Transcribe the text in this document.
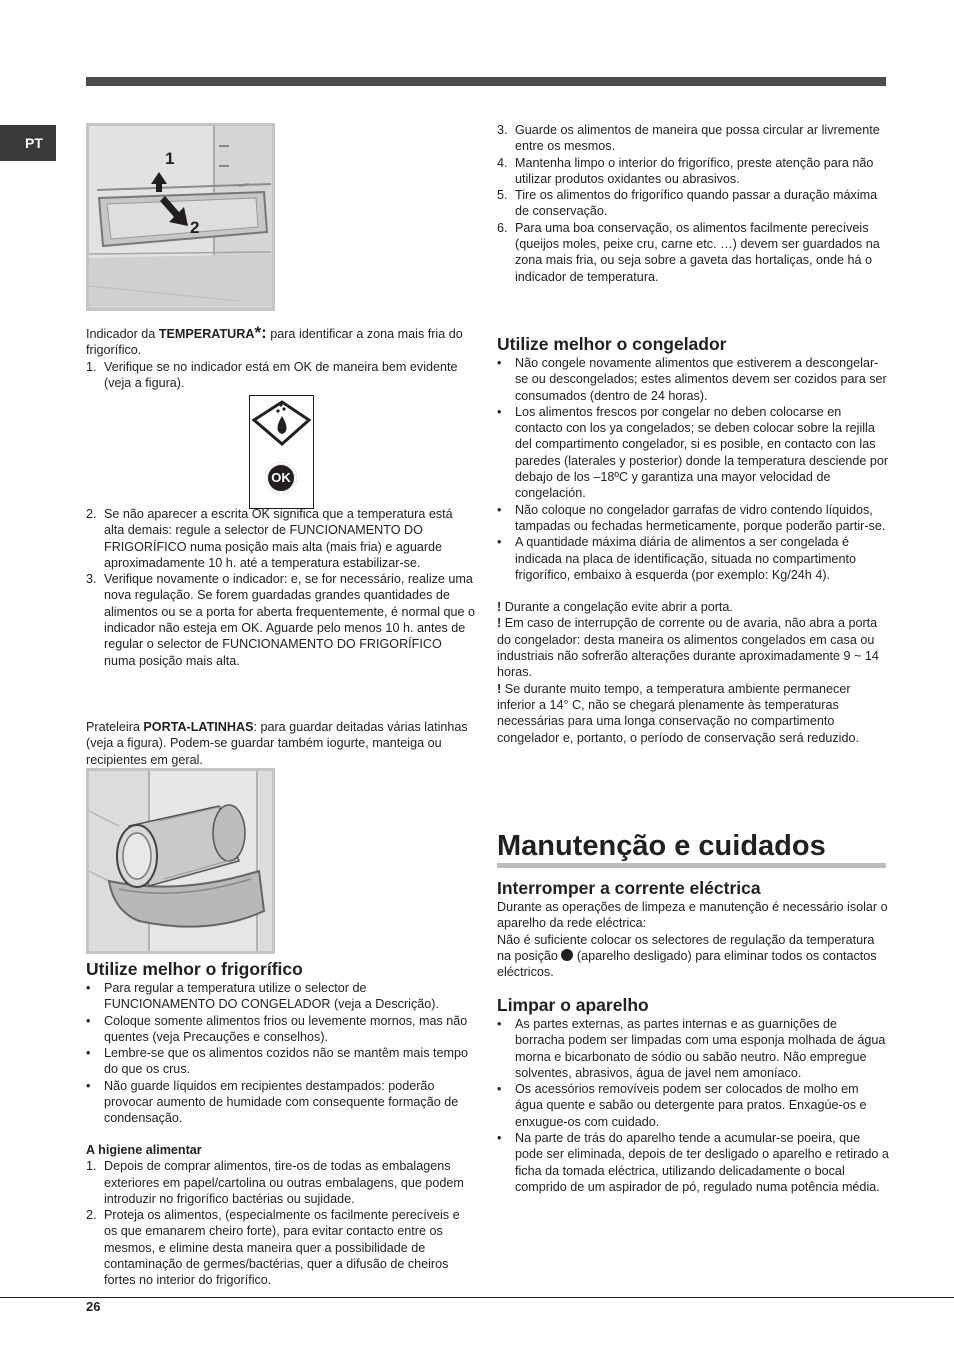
PT
1
2

Indicador da TEMPERATURA*: para identificar a zona mais fria do frigorífico.

1. Verifique se no indicador está em OK de maneira bem evidente (veja a figura).
OK
2. Se não aparecer a escrita OK significa que a temperatura está alta demais: regule a selector de FUNCIONAMENTO DO FRIGORÍFICO numa posição mais alta (mais fria) e aguarde aproximadamente 10 h. até a temperatura estabilizar-se.
3. Verifique novamente o indicador: e, se for necessário, realize uma nova regulação. Se forem guardadas grandes quantidades de alimentos ou se a porta for aberta frequentemente, é normal que o indicador não esteja em OK. Aguarde pelo menos 10 h. antes de regular o selector de FUNCIONAMENTO DO FRIGORÍFICO numa posição mais alta.

Prateleira PORTA-LATINHAS: para guardar deitadas várias latinhas (veja a figura). Podem-se guardar também iogurte, manteiga ou recipientes em geral.

Utilize melhor o frigorífico
• Para regular a temperatura utilize o selector de FUNCIONAMENTO DO CONGELADOR (veja a Descrição).
• Coloque somente alimentos frios ou levemente mornos, mas não quentes (veja Precauções e conselhos).
• Lembre-se que os alimentos cozidos não se mantêm mais tempo do que os crus.
• Não guarde líquidos em recipientes destampados: poderão provocar aumento de humidade com consequente formação de condensação.
A higiene alimentar
1. Depois de comprar alimentos, tire-os de todas as embalagens exteriores em papel/cartolina ou outras embalagens, que podem introduzir no frigorífico bactérias ou sujidade.
2. Proteja os alimentos, (especialmente os facilmente perecíveis e os que emanarem cheiro forte), para evitar contacto entre os mesmos, e elimine desta maneira quer a possibilidade de contaminação de germes/bactérias, quer a difusão de cheiros fortes no interior do frigorífico.
3. Guarde os alimentos de maneira que possa circular ar livremente entre os mesmos.
4. Mantenha limpo o interior do frigorífico, preste atenção para não utilizar produtos oxidantes ou abrasivos.
5. Tire os alimentos do frigorífico quando passar a duração máxima de conservação.
6. Para uma boa conservação, os alimentos facilmente perecíveis (queijos moles, peixe cru, carne etc. …) devem ser guardados na zona mais fria, ou seja sobre a gaveta das hortaliças, onde há o indicador de temperatura.
Utilize melhor o congelador
• Não congele novamente alimentos que estiverem a descongelar-se ou descongelados; estes alimentos devem ser cozidos para ser consumados (dentro de 24 horas).
• Los alimentos frescos por congelar no deben colocarse en contacto con los ya congelados; se deben colocar sobre la rejilla del compartimento congelador, si es posible, en contacto con las paredes (laterales y posterior) donde la temperatura desciende por debajo de los –18ºC y garantiza una mayor velocidad de congelación.
• Não coloque no congelador garrafas de vidro contendo líquidos, tampadas ou fechadas hermeticamente, porque poderão partir-se.
• A quantidade máxima diária de alimentos a ser congelada é indicada na placa de identificação, situada no compartimento frigorífico, embaixo à esquerda (por exemplo: Kg/24h 4).

! Durante a congelação evite abrir a porta.

! Em caso de interrupção de corrente ou de avaria, não abra a porta do congelador: desta maneira os alimentos congelados em casa ou industriais não sofrerão alterações durante aproximadamente 9 ~ 14 horas.

! Se durante muito tempo, a temperatura ambiente permanecer inferior a 14° C, não se chegará plenamente às temperaturas necessárias para uma longa conservação no compartimento congelador e, portanto, o período de conservação será reduzido.

Manutenção e cuidados
Interromper a corrente eléctrica

Durante as operações de limpeza e manutenção é necessário isolar o aparelho da rede eléctrica:

Não é suficiente colocar os selectores de regulação da temperatura na posição  (aparelho desligado) para eliminar todos os contactos eléctricos.

Limpar o aparelho
• As partes externas, as partes internas e as guarnições de borracha podem ser limpadas com uma esponja molhada de água morna e bicarbonato de sódio ou sabão neutro. Não empregue solventes, abrasivos, água de javel nem amoníaco.
• Os acessórios removíveis podem ser colocados de molho em água quente e sabão ou detergente para pratos. Enxagúe-os e enxugue-os com cuidado.
• Na parte de trás do aparelho tende a acumular-se poeira, que pode ser eliminada, depois de ter desligado o aparelho e retirado a ficha da tomada eléctrica, utilizando delicadamente o bocal comprido de um aspirador de pó, regulado numa potência média.
26
